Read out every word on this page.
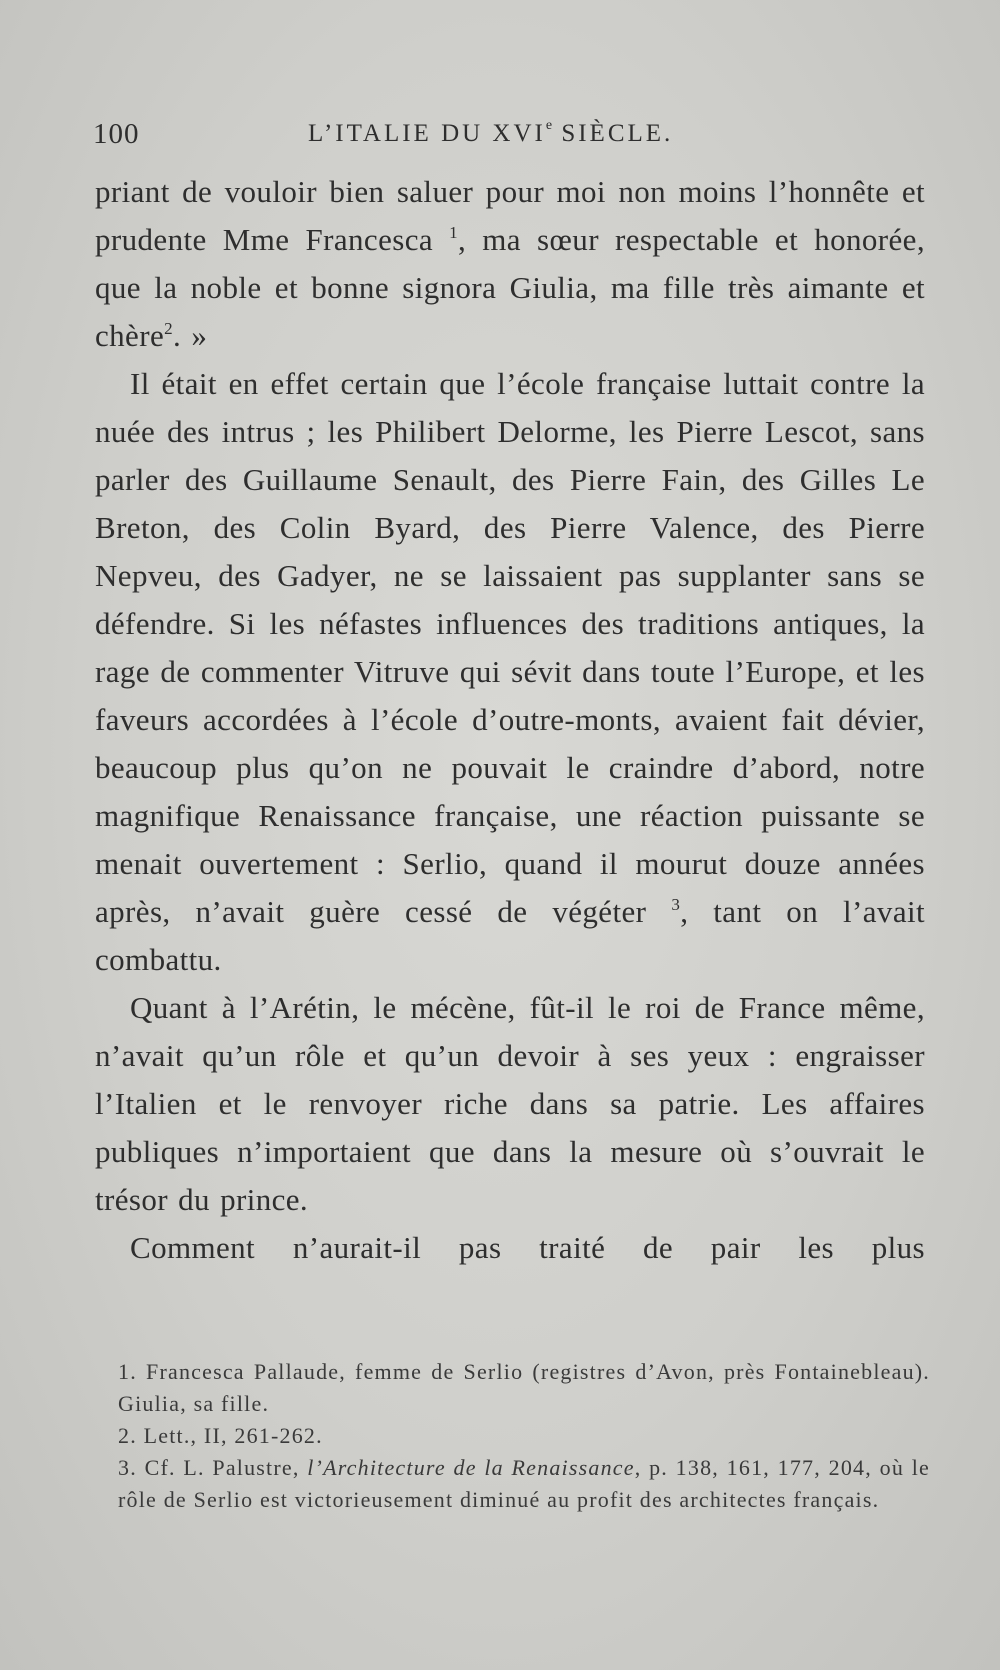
100	L’ITALIE DU XVIe SIÈCLE.

priant de vouloir bien saluer pour moi non moins l’honnête et prudente Mme Francesca $^1$, ma sœur respectable et honorée, que la noble et bonne signora Giulia, ma fille très aimante et chère$^2$. »

Il était en effet certain que l’école française luttait contre la nuée des intrus ; les Philibert Delorme, les Pierre Lescot, sans parler des Guillaume Senault, des Pierre Fain, des Gilles Le Breton, des Colin Byard, des Pierre Valence, des Pierre Nepveu, des Gadyer, ne se laissaient pas supplanter sans se défendre. Si les néfastes influences des traditions antiques, la rage de commenter Vitruve qui sévit dans toute l’Europe, et les faveurs accordées à l’école d’outre-monts, avaient fait dévier, beaucoup plus qu’on ne pouvait le craindre d’abord, notre magnifique Renaissance française, une réaction puissante se menait ouvertement : Serlio, quand il mourut douze années après, n’avait guère cessé de végéter $^3$, tant on l’avait combattu.

Quant à l’Arétin, le mécène, fût-il le roi de France même, n’avait qu’un rôle et qu’un devoir à ses yeux : engraisser l’Italien et le renvoyer riche dans sa patrie. Les affaires publiques n’importaient que dans la mesure où s’ouvrait le trésor du prince.

Comment n’aurait-il pas traité de pair les plus

1. Francesca Pallaude, femme de Serlio (registres d’Avon, près Fontainebleau). Giulia, sa fille.

2. Lett., II, 261-262.

3. Cf. L. Palustre, l’Architecture de la Renaissance, p. 138, 161, 177, 204, où le rôle de Serlio est victorieusement diminué au profit des architectes français.
